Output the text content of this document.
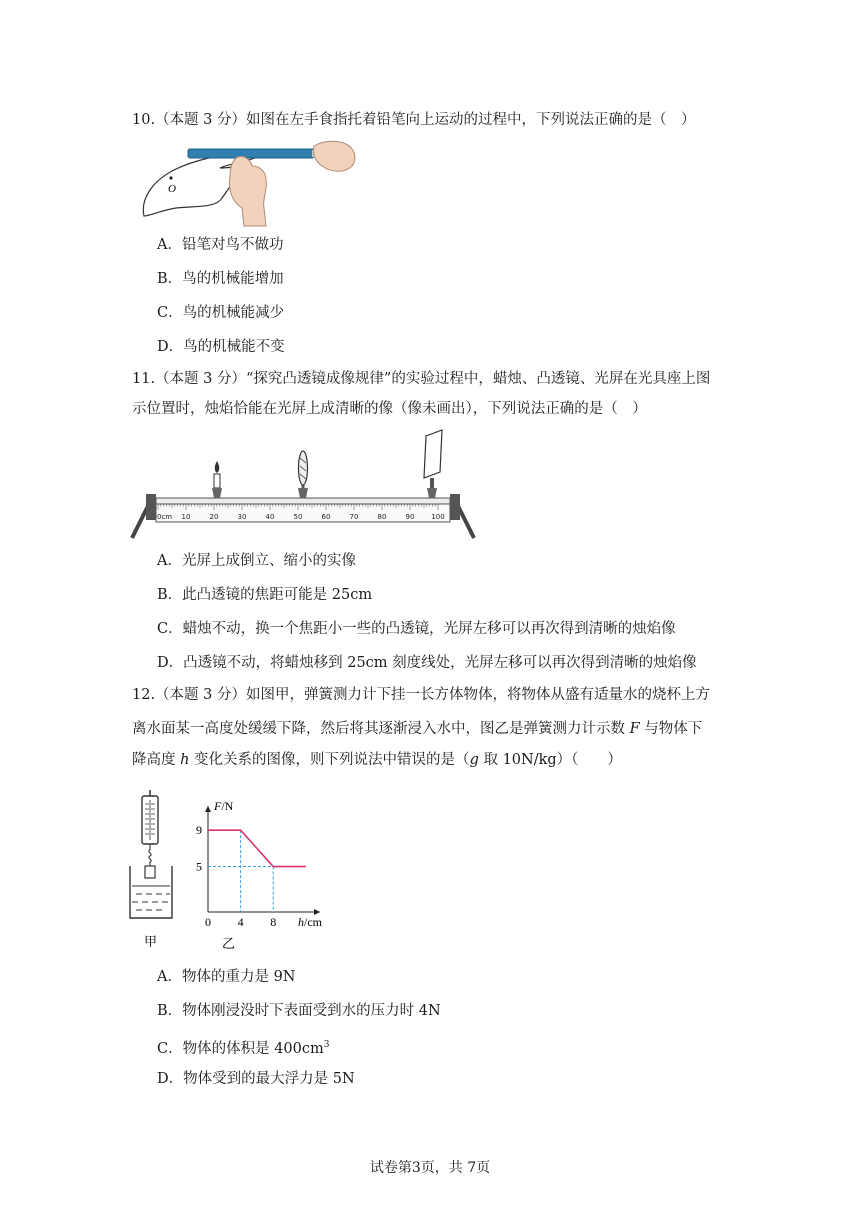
10.（本题 3 分）如图在左手食指托着铅笔向上运动的过程中，下列说法正确的是（　）
O
A．铅笔对鸟不做功
B．鸟的机械能增加
C．鸟的机械能减少
D．鸟的机械能不变
11.（本题 3 分）“探究凸透镜成像规律”的实验过程中，蜡烛、凸透镜、光屏在光具座上图
示位置时，烛焰恰能在光屏上成清晰的像（像未画出），下列说法正确的是（　）
0cm 10	20	30	40	50	60	70	80	90 100
A．光屏上成倒立、缩小的实像
B．此凸透镜的焦距可能是 25cm
C．蜡烛不动，换一个焦距小一些的凸透镜，光屏左移可以再次得到清晰的烛焰像
D．凸透镜不动，将蜡烛移到 25cm 刻度线处，光屏左移可以再次得到清晰的烛焰像
12.（本题 3 分）如图甲，弹簧测力计下挂一长方体物体，将物体从盛有适量水的烧杯上方
离水面某一高度处缓缓下降，然后将其逐渐浸入水中，图乙是弹簧测力计示数 F 与物体下
降高度 h 变化关系的图像，则下列说法中错误的是（g 取 10N/kg）（　　）
甲
0 4 8
9
5
F/N
h/cm
乙
A．物体的重力是 9N
B．物体刚浸没时下表面受到水的压力时 4N
C．物体的体积是 $400cm^3$
D．物体受到的最大浮力是 5N
试卷第3页，共 7页
